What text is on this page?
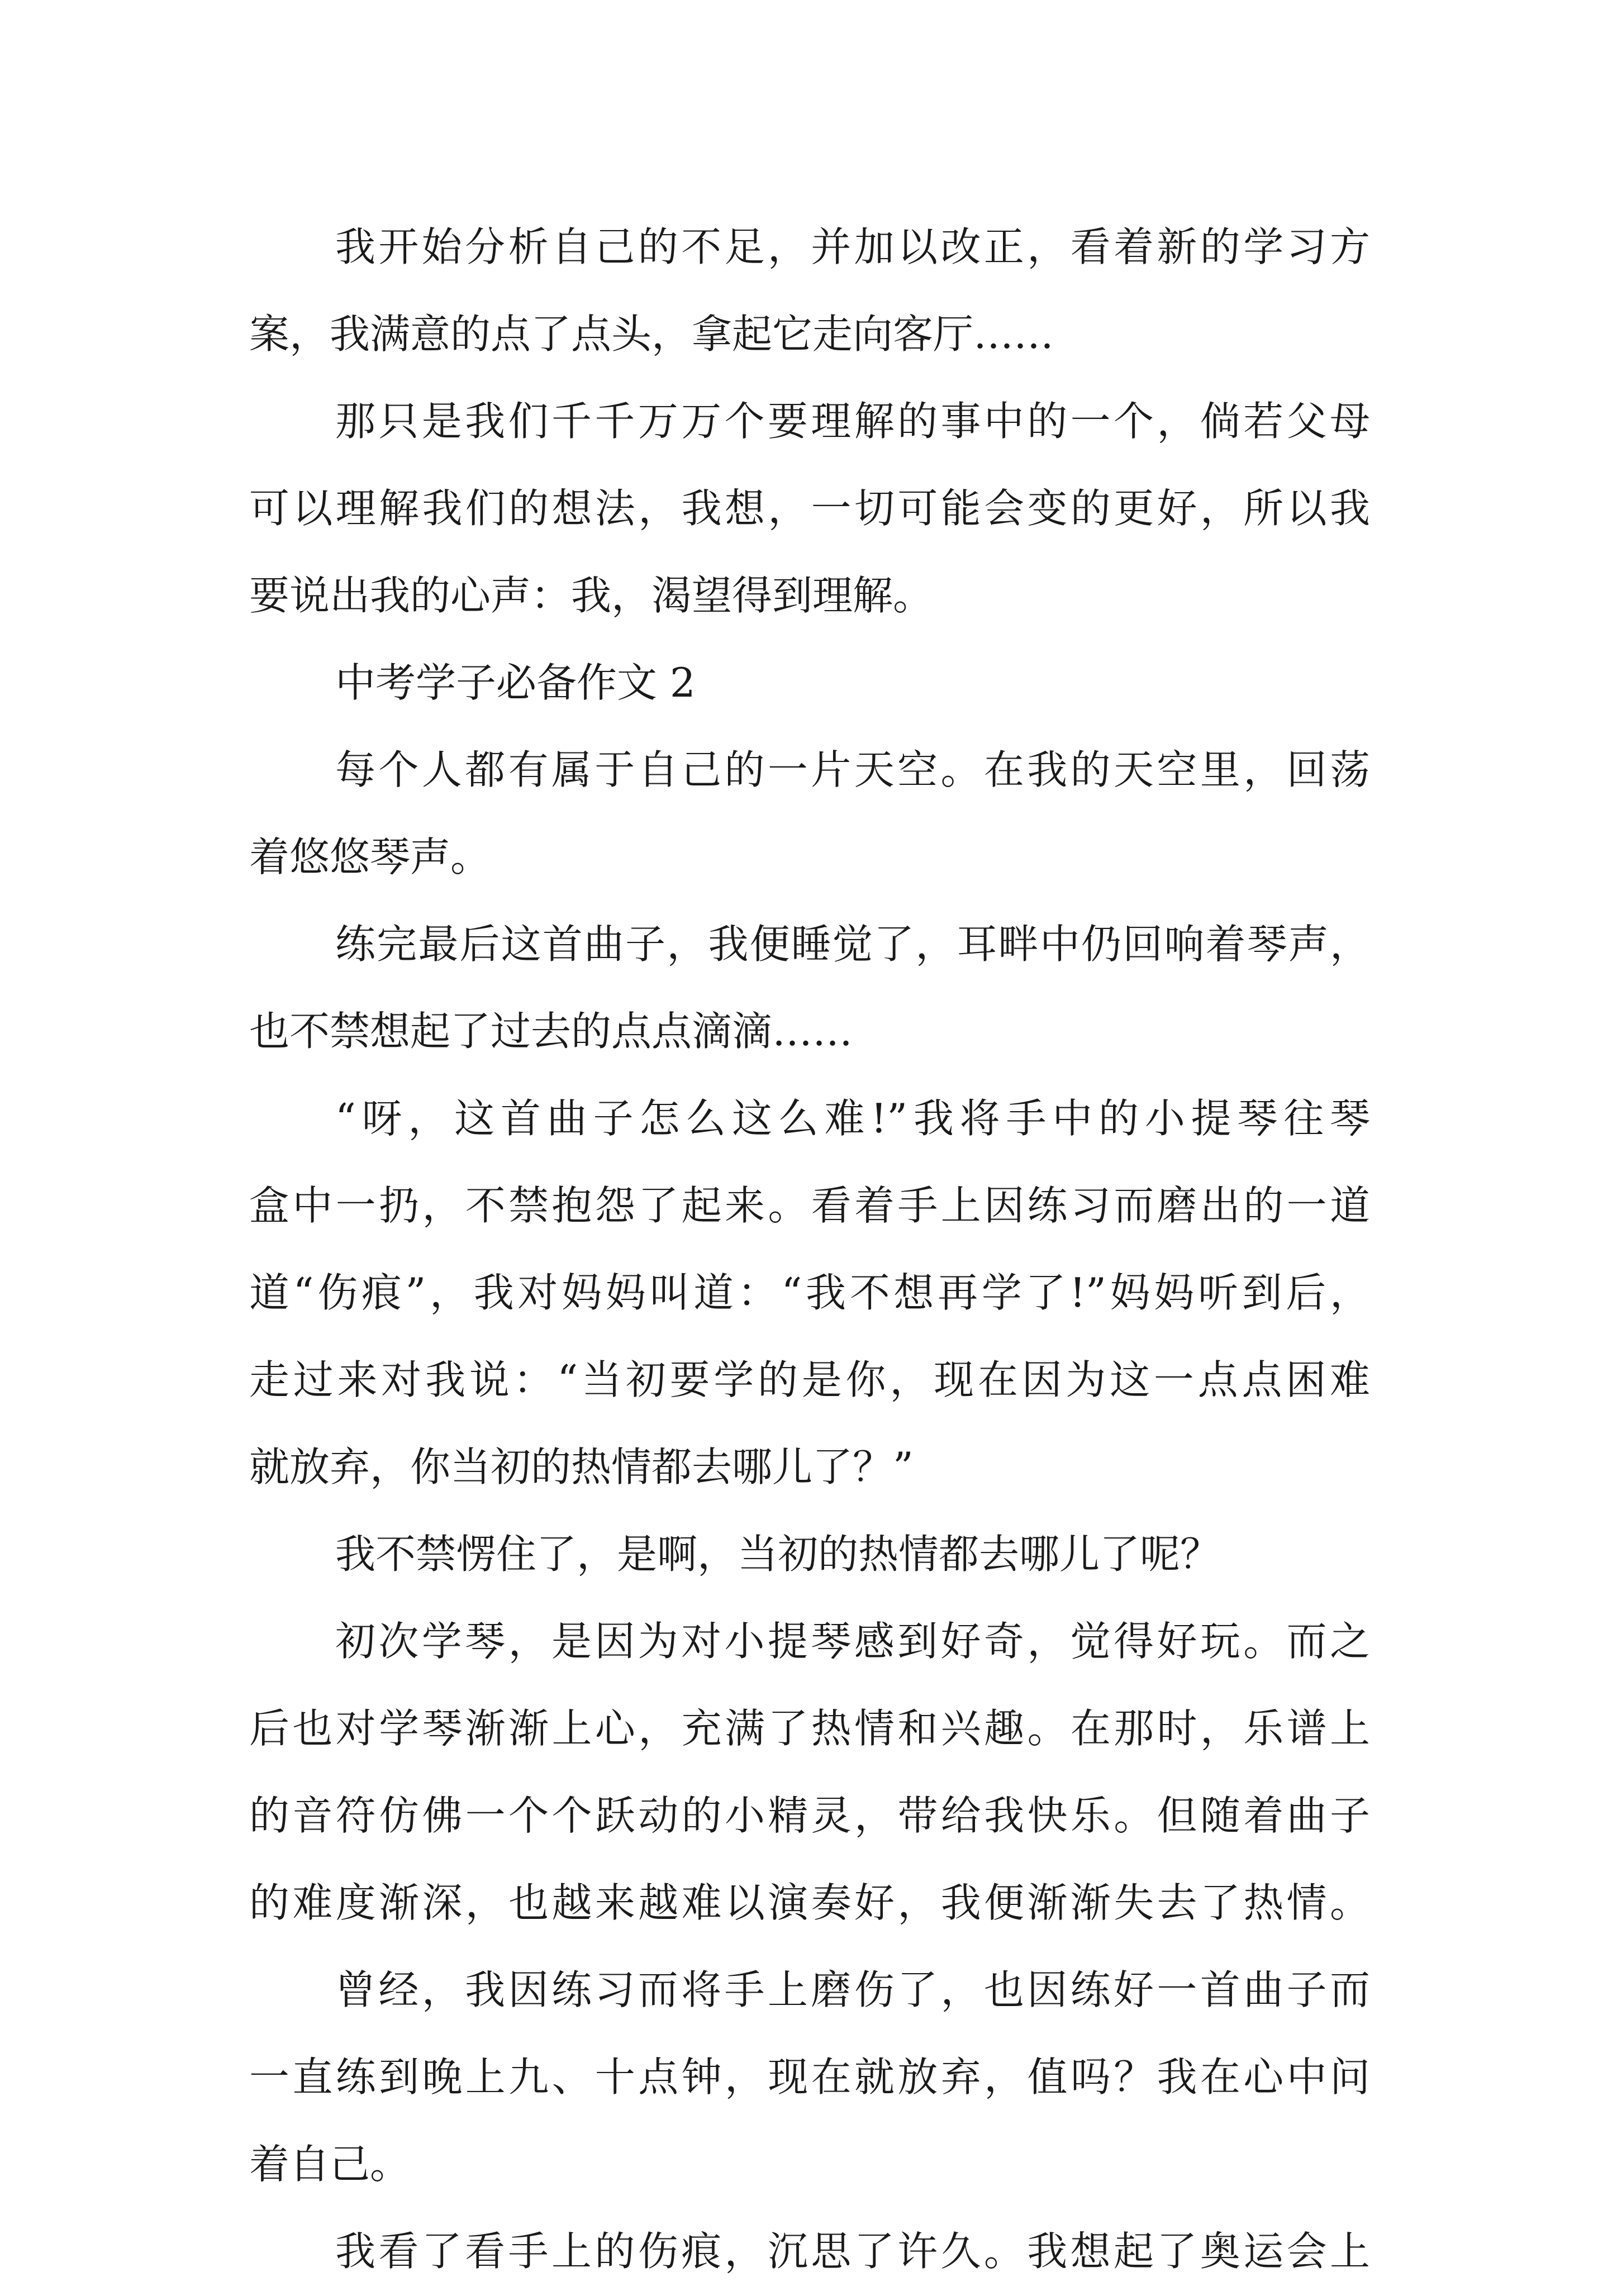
我开始分析自己的不足，并加以改正，看着新的学习方
案，我满意的点了点头，拿起它走向客厅……
那只是我们千千万万个要理解的事中的一个，倘若父母
可以理解我们的想法，我想，一切可能会变的更好，所以我
要说出我的心声：我，渴望得到理解。
中考学子必备作文 2
每个人都有属于自己的一片天空。在我的天空里，回荡
着悠悠琴声。
练完最后这首曲子，我便睡觉了，耳畔中仍回响着琴声，
也不禁想起了过去的点点滴滴……
“呀，这首曲子怎么这么难!”我将手中的小提琴往琴
盒中一扔，不禁抱怨了起来。看着手上因练习而磨出的一道
道“伤痕”，我对妈妈叫道：“我不想再学了!”妈妈听到后，
走过来对我说：“当初要学的是你，现在因为这一点点困难
就放弃，你当初的热情都去哪儿了？”
我不禁愣住了，是啊，当初的热情都去哪儿了呢？
初次学琴，是因为对小提琴感到好奇，觉得好玩。而之
后也对学琴渐渐上心，充满了热情和兴趣。在那时，乐谱上
的音符仿佛一个个跃动的小精灵，带给我快乐。但随着曲子
的难度渐深，也越来越难以演奏好，我便渐渐失去了热情。
曾经，我因练习而将手上磨伤了，也因练好一首曲子而
一直练到晚上九、十点钟，现在就放弃，值吗？我在心中问
着自己。
我看了看手上的伤痕，沉思了许久。我想起了奥运会上
